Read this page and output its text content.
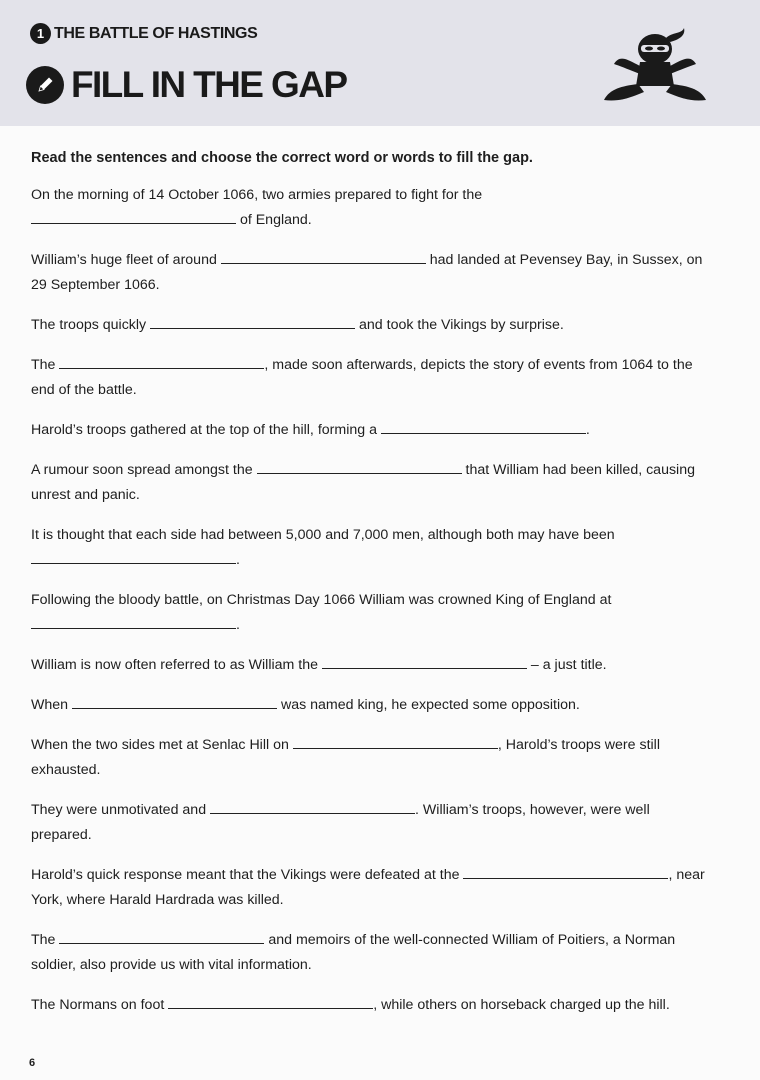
1 THE BATTLE OF HASTINGS
FILL IN THE GAP

Read the sentences and choose the correct word or words to fill the gap.

On the morning of 14 October 1066, two armies prepared to fight for the
of England.

William’s huge fleet of around	had landed at Pevensey Bay, in Sussex, on 29 September 1066.

The troops quickly	and took the Vikings by surprise.

The	, made soon afterwards, depicts the story of events from 1064 to the end of the battle.

Harold’s troops gathered at the top of the hill, forming a	.

A rumour soon spread amongst the	that William had been killed, causing unrest and panic.

It is thought that each side had between 5,000 and 7,000 men, although both may have been
.

Following the bloody battle, on Christmas Day 1066 William was crowned King of England at
.

William is now often referred to as William the	– a just title.

When	was named king, he expected some opposition.

When the two sides met at Senlac Hill on	, Harold’s troops were still exhausted.

They were unmotivated and	. William’s troops, however, were well prepared.

Harold’s quick response meant that the Vikings were defeated at the	, near York, where Harald Hardrada was killed.

The	and memoirs of the well-connected William of Poitiers, a Norman soldier, also provide us with vital information.

The Normans on foot	, while others on horseback charged up the hill.

6
